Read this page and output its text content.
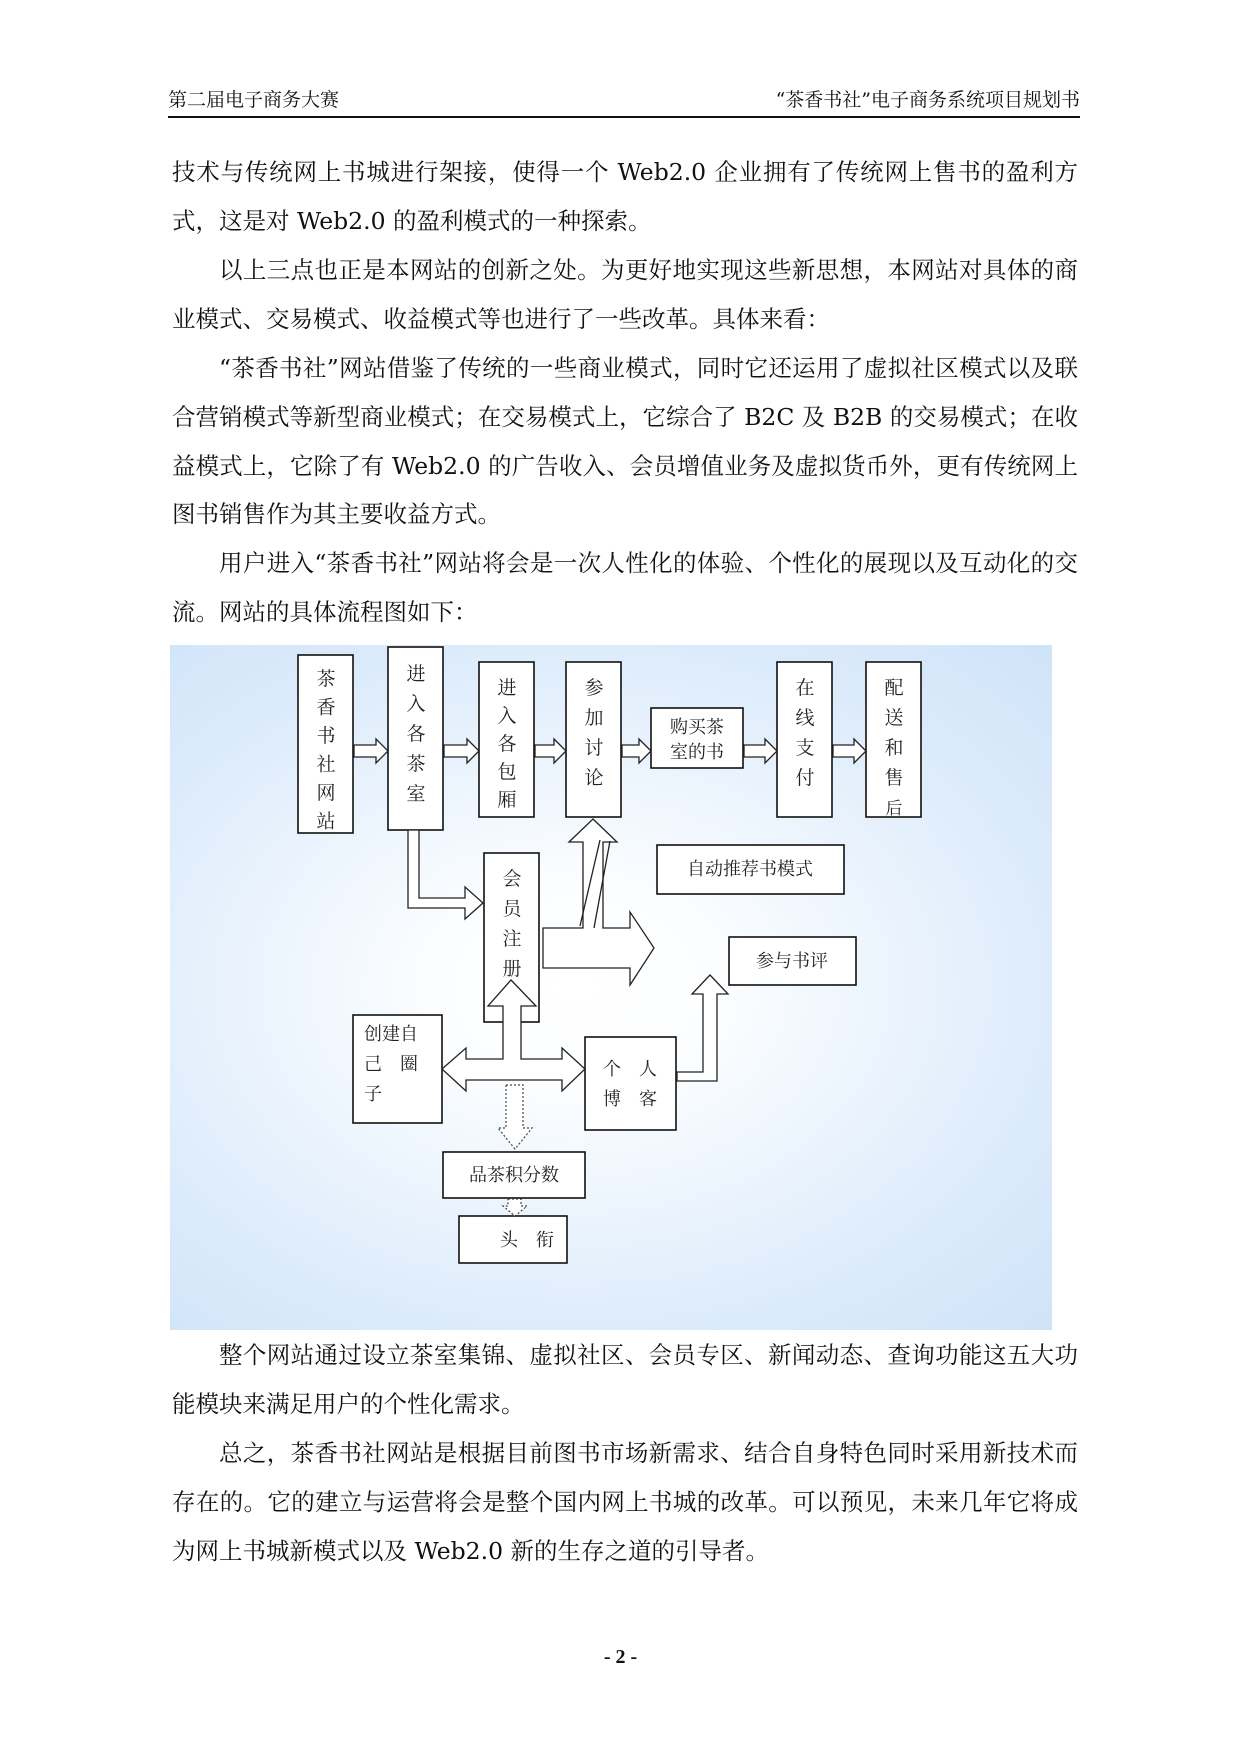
第二届电子商务大赛	“茶香书社”电子商务系统项目规划书

技术与传统网上书城进行架接，使得一个 Web2.0 企业拥有了传统网上售书的盈利方式，这是对 Web2.0 的盈利模式的一种探索。

以上三点也正是本网站的创新之处。为更好地实现这些新思想，本网站对具体的商业模式、交易模式、收益模式等也进行了一些改革。具体来看：

“茶香书社”网站借鉴了传统的一些商业模式，同时它还运用了虚拟社区模式以及联合营销模式等新型商业模式；在交易模式上，它综合了 B2C 及 B2B 的交易模式；在收益模式上，它除了有 Web2.0 的广告收入、会员增值业务及虚拟货币外，更有传统网上图书销售作为其主要收益方式。

用户进入“茶香书社”网站将会是一次人性化的体验、个性化的展现以及互动化的交流。网站的具体流程图如下：

茶
香
书
社
网
站
进
入
各
茶
室
进
入
各
包
厢
参
加
讨
论
在
线
支
付
配
送
和
售
后
会
员
注
册
购买茶
室的书
自动推荐书模式
参与书评
创建自
己　圈
子
个　人
博　客
品茶积分数
头　衔

整个网站通过设立茶室集锦、虚拟社区、会员专区、新闻动态、查询功能这五大功能模块来满足用户的个性化需求。

总之，茶香书社网站是根据目前图书市场新需求、结合自身特色同时采用新技术而存在的。它的建立与运营将会是整个国内网上书城的改革。可以预见，未来几年它将成为网上书城新模式以及 Web2.0 新的生存之道的引导者。

- 2 -
